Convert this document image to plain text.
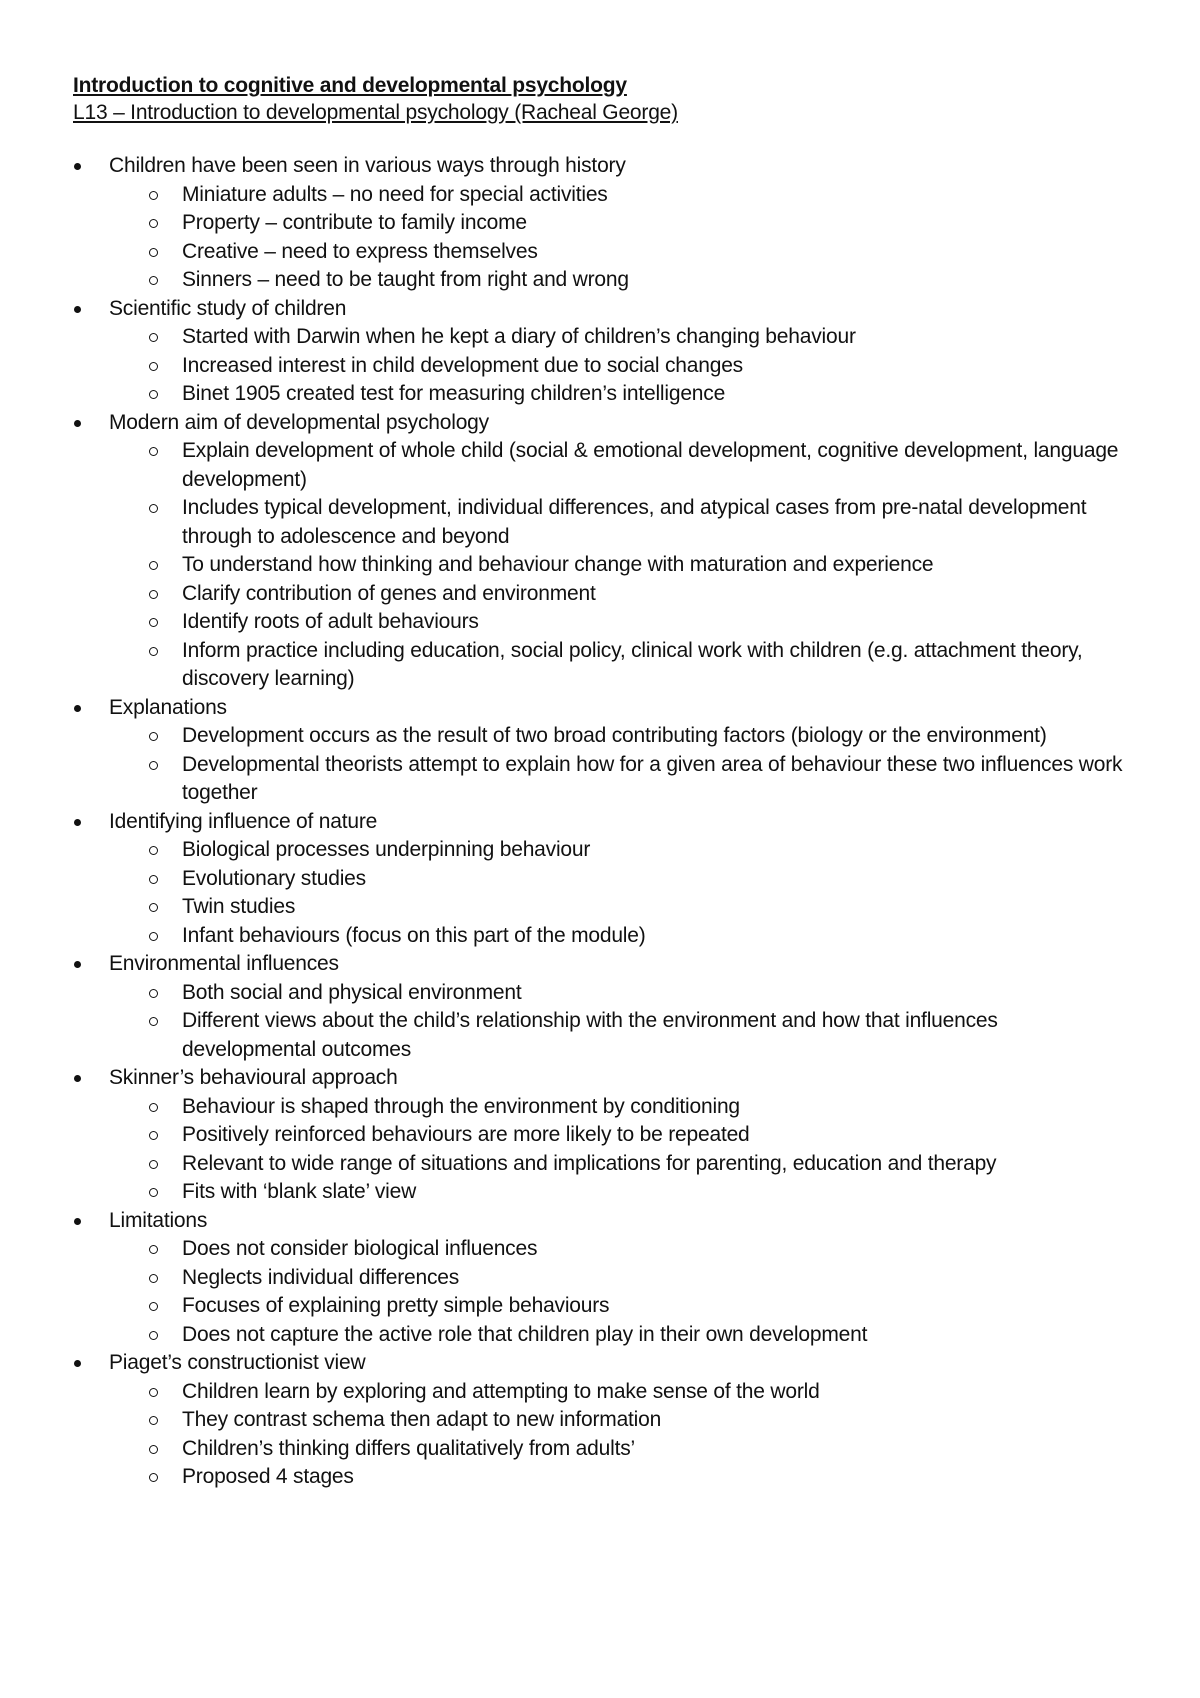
Introduction to cognitive and developmental psychology

L13 – Introduction to developmental psychology (Racheal George)

Children have been seen in various ways through history
Miniature adults – no need for special activities
Property – contribute to family income
Creative – need to express themselves
Sinners – need to be taught from right and wrong
Scientific study of children
Started with Darwin when he kept a diary of children’s changing behaviour
Increased interest in child development due to social changes
Binet 1905 created test for measuring children’s intelligence
Modern aim of developmental psychology
Explain development of whole child (social & emotional development, cognitive development, language development)
Includes typical development, individual differences, and atypical cases from pre-natal development through to adolescence and beyond
To understand how thinking and behaviour change with maturation and experience
Clarify contribution of genes and environment
Identify roots of adult behaviours
Inform practice including education, social policy, clinical work with children (e.g. attachment theory, discovery learning)
Explanations
Development occurs as the result of two broad contributing factors (biology or the environment)
Developmental theorists attempt to explain how for a given area of behaviour these two influences work together
Identifying influence of nature
Biological processes underpinning behaviour
Evolutionary studies
Twin studies
Infant behaviours (focus on this part of the module)
Environmental influences
Both social and physical environment
Different views about the child’s relationship with the environment and how that influences developmental outcomes
Skinner’s behavioural approach
Behaviour is shaped through the environment by conditioning
Positively reinforced behaviours are more likely to be repeated
Relevant to wide range of situations and implications for parenting, education and therapy
Fits with ‘blank slate’ view
Limitations
Does not consider biological influences
Neglects individual differences
Focuses of explaining pretty simple behaviours
Does not capture the active role that children play in their own development
Piaget’s constructionist view
Children learn by exploring and attempting to make sense of the world
They contrast schema then adapt to new information
Children’s thinking differs qualitatively from adults’
Proposed 4 stages
